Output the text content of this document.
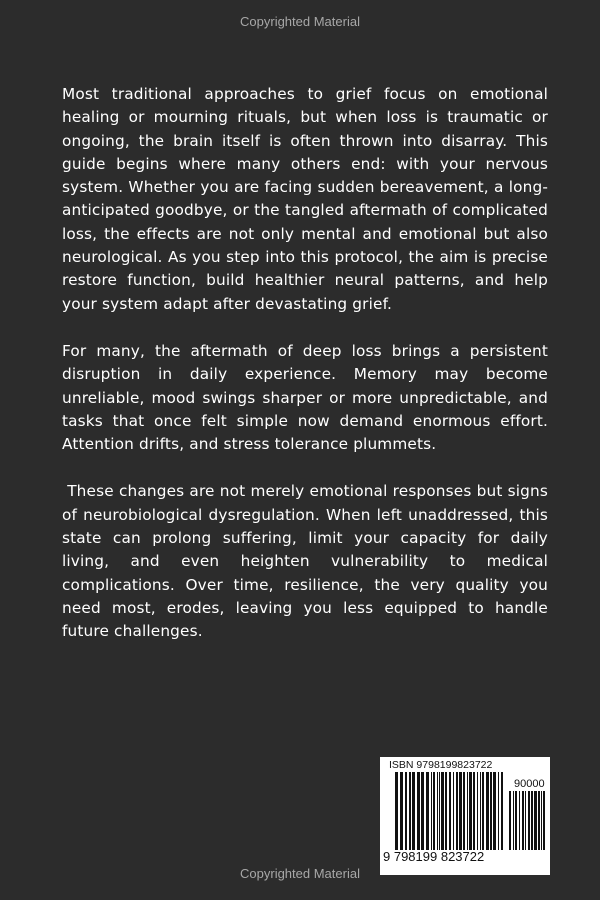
Copyrighted Material

Most traditional approaches to grief focus on emotional healing or mourning rituals, but when loss is traumatic or ongoing, the brain itself is often thrown into disarray. This guide begins where many others end: with your nervous system. Whether you are facing sudden bereavement, a long-anticipated goodbye, or the tangled aftermath of complicated loss, the effects are not only mental and emotional but also neurological. As you step into this protocol, the aim is precise restore function, build healthier neural patterns, and help your system adapt after devastating grief.

For many, the aftermath of deep loss brings a persistent disruption in daily experience. Memory may become unreliable, mood swings sharper or more unpredictable, and tasks that once felt simple now demand enormous effort. Attention drifts, and stress tolerance plummets.

These changes are not merely emotional responses but signs of neurobiological dysregulation. When left unaddressed, this state can prolong suffering, limit your capacity for daily living, and even heighten vulnerability to medical complications. Over time, resilience, the very quality you need most, erodes, leaving you less equipped to handle future challenges.

ISBN 9798199823722
90000
9 798199 823722
Copyrighted Material
